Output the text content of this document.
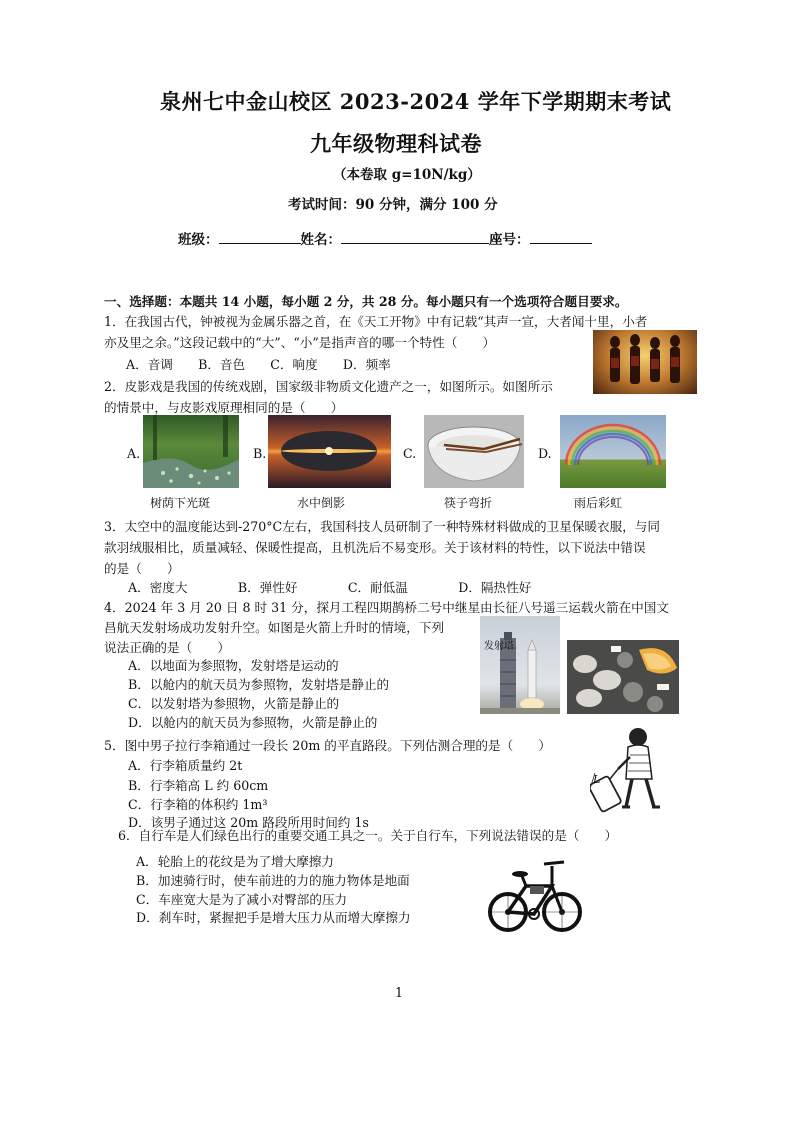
泉州七中金山校区 2023-2024 学年下学期期末考试
九年级物理科试卷
（本卷取 g=10N/kg）
考试时间：90 分钟，满分 100 分
班级：	姓名：	座号：
一、选择题：本题共 14 小题，每小题 2 分，共 28 分。每小题只有一个选项符合题目要求。
1．在我国古代，钟被视为金属乐器之首，在《天工开物》中有记载“其声一宣，大者闻十里，小者
亦及里之余。”这段记载中的“大”、“小”是指声音的哪一个特性（　　）
A．音调　　B．音色　　C．响度　　D．频率
2．皮影戏是我国的传统戏剧，国家级非物质文化遗产之一，如图所示。如图所示
的情景中，与皮影戏原理相同的是（　　）
A.
树荫下光斑
B.
水中倒影
C.
筷子弯折
D.
雨后彩虹
3．太空中的温度能达到-270°C左右，我国科技人员研制了一种特殊材料做成的卫星保暖衣服，与同
款羽绒服相比，质量减轻、保暖性提高，且机洗后不易变形。关于该材料的特性，以下说法中错误
的是（　　）
A．密度大　　　　B．弹性好　　　　C．耐低温　　　　D．隔热性好
4．2024 年 3 月 20 日 8 时 31 分，探月工程四期鹊桥二号中继星由长征八号遥三运载火箭在中国文
昌航天发射场成功发射升空。如图是火箭上升时的情境，下列
说法正确的是（　　）
A．以地面为参照物，发射塔是运动的
B．以舱内的航天员为参照物，发射塔是静止的
C．以发射塔为参照物，火箭是静止的
D．以舱内的航天员为参照物，火箭是静止的
发射塔
5．图中男子拉行李箱通过一段长 20m 的平直路段。下列估测合理的是（　　）
A．行李箱质量约 2t
B．行李箱高 L 约 60cm
C．行李箱的体积约 1m³
D．该男子通过这 20m 路段所用时间约 1s
L
6．自行车是人们绿色出行的重要交通工具之一。关于自行车，下列说法错误的是（　　）
A．轮胎上的花纹是为了增大摩擦力
B．加速骑行时，使车前进的力的施力物体是地面
C．车座宽大是为了减小对臀部的压力
D．刹车时，紧握把手是增大压力从而增大摩擦力
1
